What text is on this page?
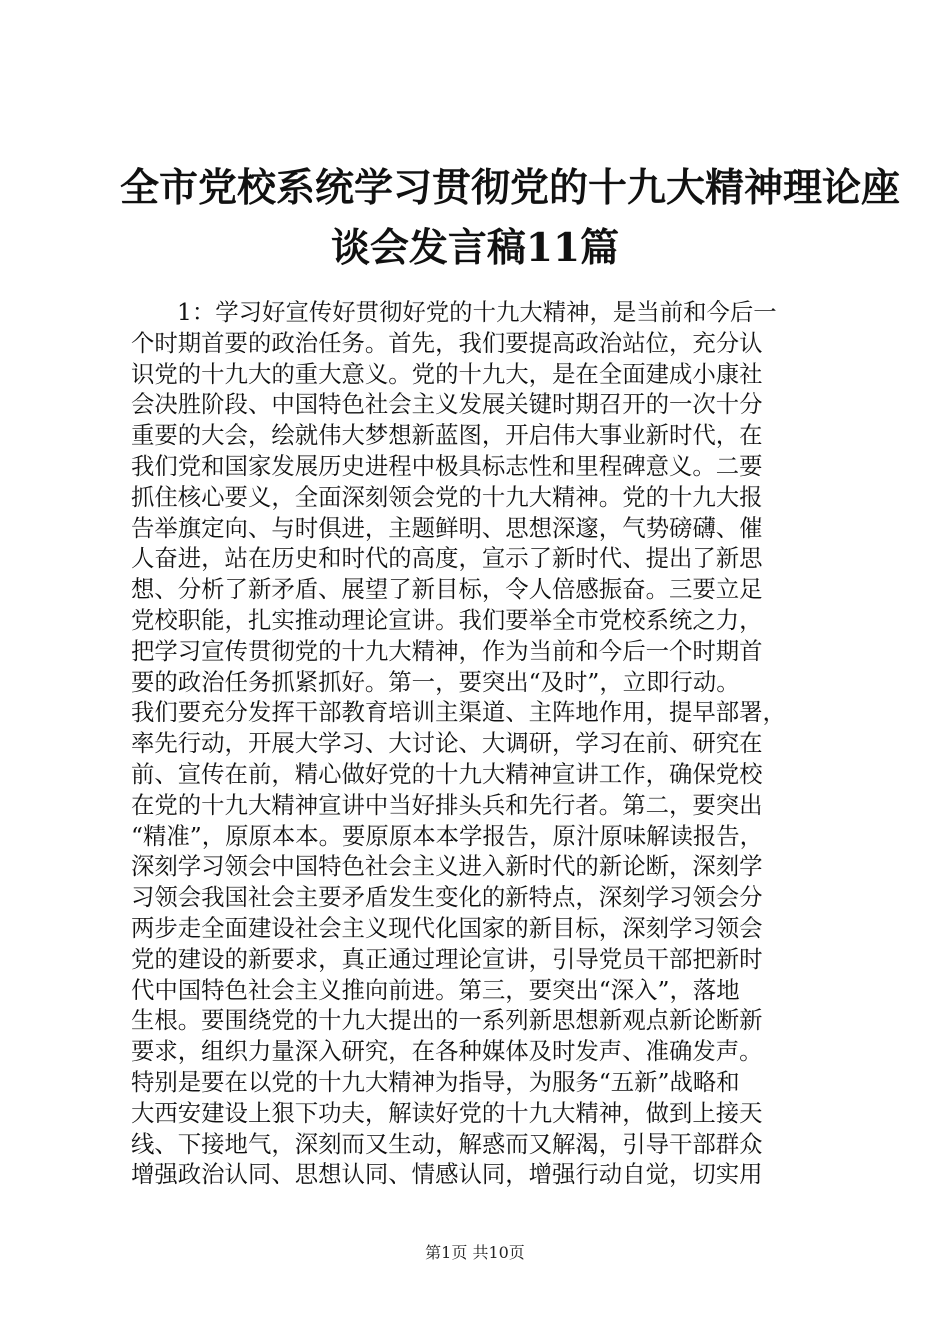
全市党校系统学习贯彻党的十九大精神理论座
谈会发言稿11篇
1：学习好宣传好贯彻好党的十九大精神，是当前和今后一
个时期首要的政治任务。首先，我们要提高政治站位，充分认
识党的十九大的重大意义。党的十九大，是在全面建成小康社
会决胜阶段、中国特色社会主义发展关键时期召开的一次十分
重要的大会，绘就伟大梦想新蓝图，开启伟大事业新时代，在
我们党和国家发展历史进程中极具标志性和里程碑意义。二要
抓住核心要义，全面深刻领会党的十九大精神。党的十九大报
告举旗定向、与时俱进，主题鲜明、思想深邃，气势磅礴、催
人奋进，站在历史和时代的高度，宣示了新时代、提出了新思
想、分析了新矛盾、展望了新目标，令人倍感振奋。三要立足
党校职能，扎实推动理论宣讲。我们要举全市党校系统之力，
把学习宣传贯彻党的十九大精神，作为当前和今后一个时期首
要的政治任务抓紧抓好。第一，要突出“及时”，立即行动。
我们要充分发挥干部教育培训主渠道、主阵地作用，提早部署，
率先行动，开展大学习、大讨论、大调研，学习在前、研究在
前、宣传在前，精心做好党的十九大精神宣讲工作，确保党校
在党的十九大精神宣讲中当好排头兵和先行者。第二，要突出
“精准”，原原本本。要原原本本学报告，原汁原味解读报告，
深刻学习领会中国特色社会主义进入新时代的新论断，深刻学
习领会我国社会主要矛盾发生变化的新特点，深刻学习领会分
两步走全面建设社会主义现代化国家的新目标，深刻学习领会
党的建设的新要求，真正通过理论宣讲，引导党员干部把新时
代中国特色社会主义推向前进。第三，要突出“深入”，落地
生根。要围绕党的十九大提出的一系列新思想新观点新论断新
要求，组织力量深入研究，在各种媒体及时发声、准确发声。
特别是要在以党的十九大精神为指导，为服务“五新”战略和
大西安建设上狠下功夫，解读好党的十九大精神，做到上接天
线、下接地气，深刻而又生动，解惑而又解渴，引导干部群众
增强政治认同、思想认同、情感认同，增强行动自觉，切实用
第1页 共10页
